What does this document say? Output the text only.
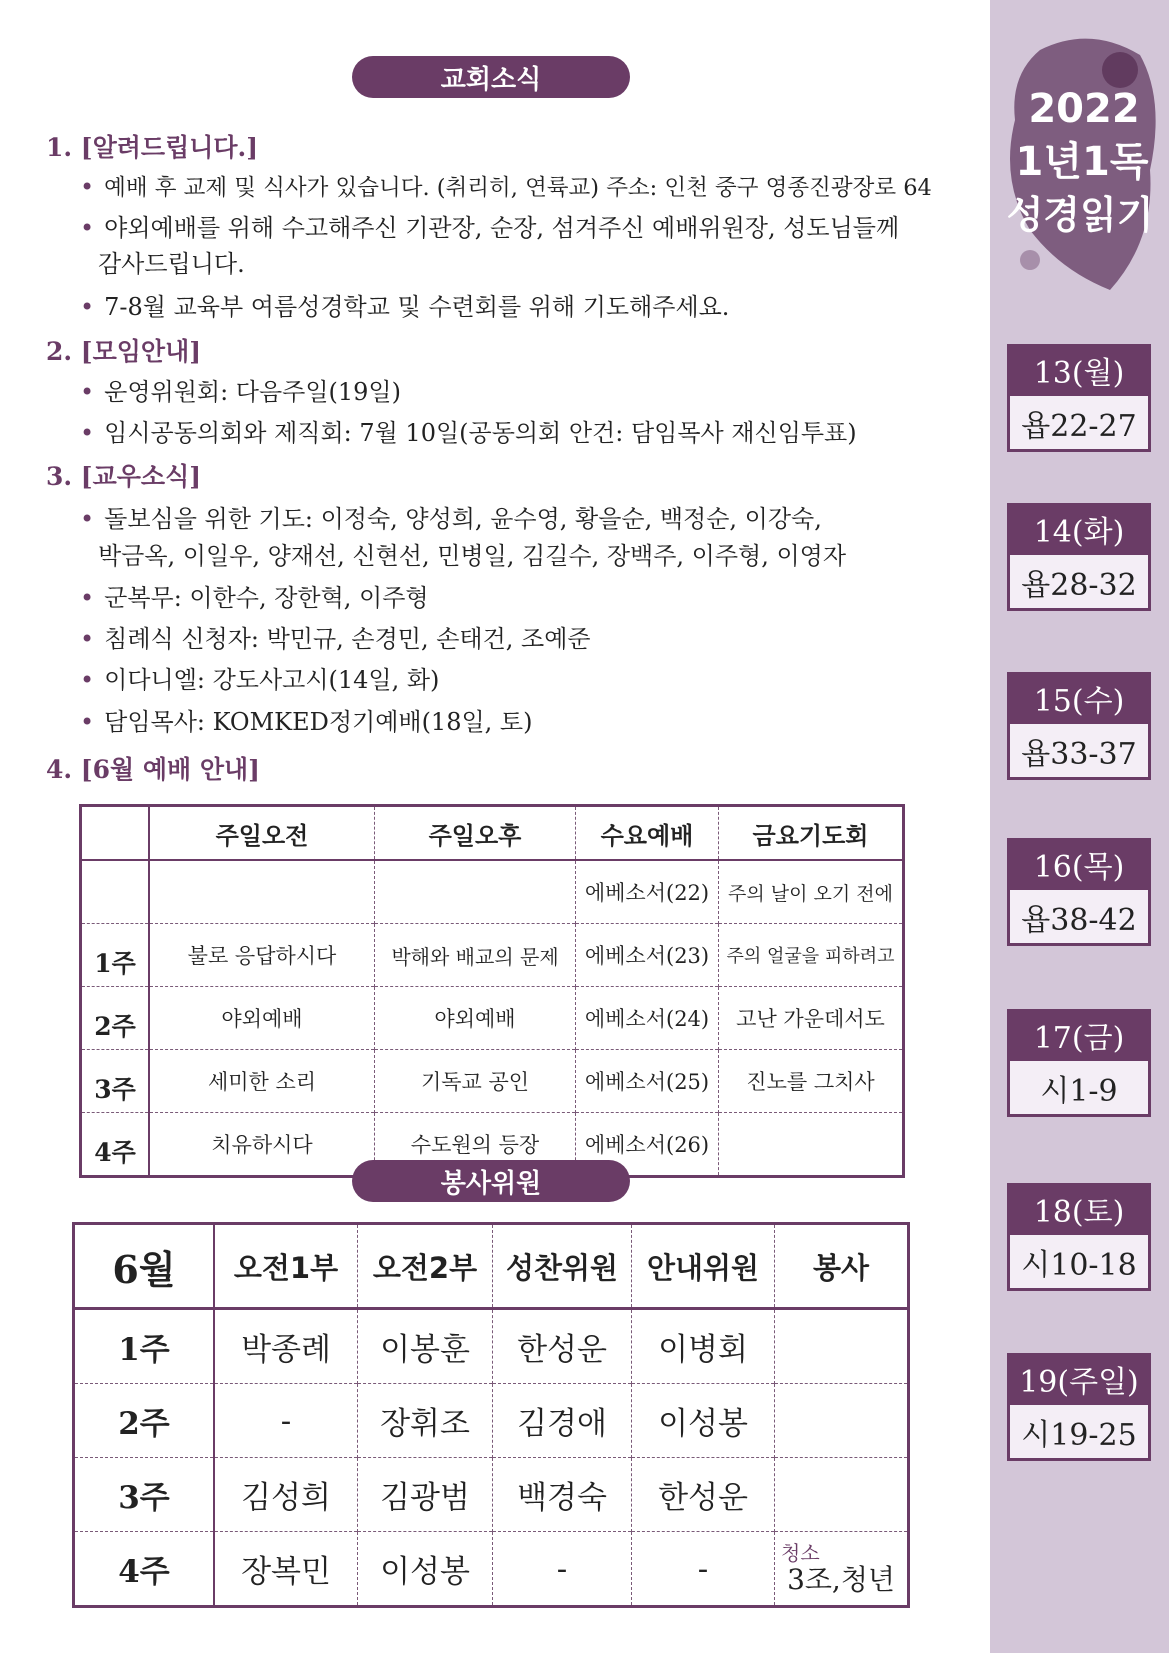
2022
1년1독
성경읽기
13(월)
욥22-27
14(화)
욥28-32
15(수)
욥33-37
16(목)
욥38-42
17(금)
시1-9
18(토)
시10-18
19(주일)
시19-25
교회소식
1. [알려드립니다.]
• 예배 후 교제 및 식사가 있습니다. (취리히, 연륙교) 주소: 인천 중구 영종진광장로 64
• 야외예배를 위해 수고해주신 기관장, 순장, 섬겨주신 예배위원장, 성도님들께
감사드립니다.
• 7-8월 교육부 여름성경학교 및 수련회를 위해 기도해주세요.
2. [모임안내]
• 운영위원회: 다음주일(19일)
• 임시공동의회와 제직회: 7월 10일(공동의회 안건: 담임목사 재신임투표)
3. [교우소식]
• 돌보심을 위한 기도: 이정숙, 양성희, 윤수영, 황을순, 백정순, 이강숙,
박금옥, 이일우, 양재선, 신현선, 민병일, 김길수, 장백주, 이주형, 이영자
• 군복무: 이한수, 장한혁, 이주형
• 침례식 신청자: 박민규, 손경민, 손태건, 조예준
• 이다니엘: 강도사고시(14일, 화)
• 담임목사: KOMKED정기예배(18일, 토)
4. [6월 예배 안내]
	주일오전	주일오후	수요예배	금요기도회
			에베소서(22)	주의 날이 오기 전에
1주	불로 응답하시다	박해와 배교의 문제	에베소서(23)	주의 얼굴을 피하려고
2주	야외예배	야외예배	에베소서(24)	고난 가운데서도
3주	세미한 소리	기독교 공인	에베소서(25)	진노를 그치사
4주	치유하시다	수도원의 등장	에베소서(26)	
봉사위원
6월	오전1부	오전2부	성찬위원	안내위원	봉사
1주	박종례	이봉훈	한성운	이병회	
2주	-	장휘조	김경애	이성봉	
3주	김성희	김광범	백경숙	한성운	
4주	장복민	이성봉	-	-	청소
3조,청년
